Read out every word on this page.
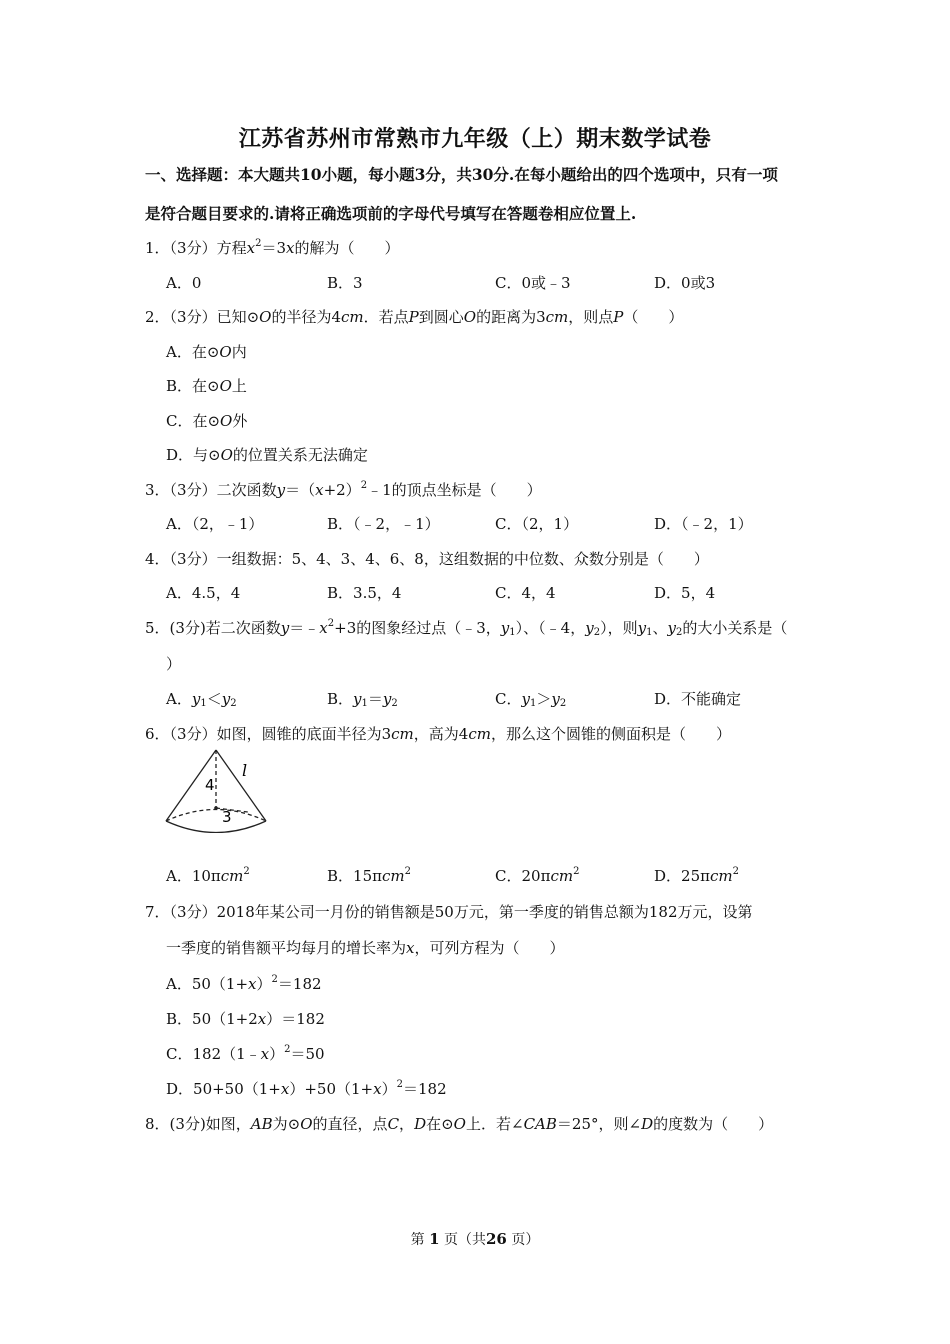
江苏省苏州市常熟市九年级（上）期末数学试卷
一、选择题：本大题共10小题，每小题3分，共30分.在每小题给出的四个选项中，只有一项
是符合题目要求的.请将正确选项前的字母代号填写在答题卷相应位置上.
1．（3分）方程$x^2=3x$的解为（　　）
A．0	B．3	C．0或﹣3	D．0或3
2．（3分）已知⊙O的半径为4cm．若点P到圆心O的距离为3cm，则点P（　　）
A．在⊙O内
B．在⊙O上
C．在⊙O外
D．与⊙O的位置关系无法确定
3．（3分）二次函数$y=(x+2)^2﹣1$的顶点坐标是（　　）
A．（2，﹣1）	B．（﹣2，﹣1）	C．（2，1）	D．（﹣2，1）
4．（3分）一组数据：5、4、3、4、6、8，这组数据的中位数、众数分别是（　　）
A．4.5，4	B．3.5，4	C．4，4	D．5，4
5．(3分)若二次函数$y=﹣x^2+3$的图象经过点（﹣3，$y_1$）、（﹣4，$y_2$），则$y_1$、$y_2$的大小关系是（
）
A．$y_1<y_2$	B．$y_1=y_2$	C．$y_1>y_2$	D．不能确定
6．（3分）如图，圆锥的底面半径为3cm，高为4cm，那么这个圆锥的侧面积是（　　）
4
3
l
A．10πcm$^2$	B．15πcm$^2$	C．20πcm$^2$	D．25πcm$^2$
7．（3分）2018年某公司一月份的销售额是50万元，第一季度的销售总额为182万元，设第
一季度的销售额平均每月的增长率为x，可列方程为（　　）
A．$50(1+x)^2=182$
B．50（1+2x）＝182
C．182（1﹣x）$^2$＝50
D．$50+50(1+x)+50(1+x)^2=182$
8．(3分)如图，AB为⊙O的直径，点C，D在⊙O上．若∠CAB＝25°，则∠D的度数为（　　）
第 1 页（共26 页）
